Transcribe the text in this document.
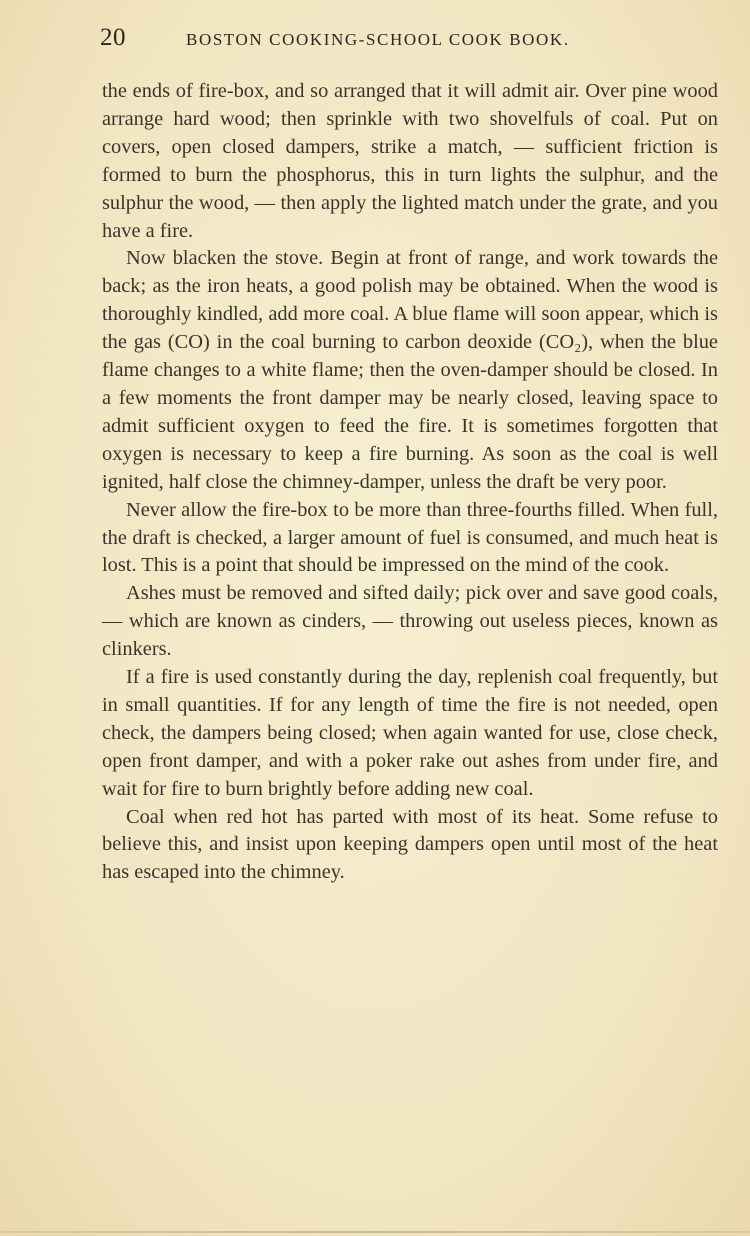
20	BOSTON COOKING-SCHOOL COOK BOOK.

the ends of fire-box, and so arranged that it will admit air. Over pine wood arrange hard wood; then sprinkle with two shovelfuls of coal. Put on covers, open closed dampers, strike a match, — sufficient friction is formed to burn the phosphorus, this in turn lights the sulphur, and the sulphur the wood, — then apply the lighted match under the grate, and you have a fire.

Now blacken the stove. Begin at front of range, and work towards the back; as the iron heats, a good polish may be obtained. When the wood is thoroughly kindled, add more coal. A blue flame will soon appear, which is the gas (CO) in the coal burning to carbon deoxide (CO₂), when the blue flame changes to a white flame; then the oven-damper should be closed. In a few moments the front damper may be nearly closed, leaving space to admit sufficient oxygen to feed the fire. It is sometimes forgotten that oxygen is necessary to keep a fire burning. As soon as the coal is well ignited, half close the chimney-damper, unless the draft be very poor.

Never allow the fire-box to be more than three-fourths filled. When full, the draft is checked, a larger amount of fuel is consumed, and much heat is lost. This is a point that should be impressed on the mind of the cook.

Ashes must be removed and sifted daily; pick over and save good coals, — which are known as cinders, — throwing out useless pieces, known as clinkers.

If a fire is used constantly during the day, replenish coal frequently, but in small quantities. If for any length of time the fire is not needed, open check, the dampers being closed; when again wanted for use, close check, open front damper, and with a poker rake out ashes from under fire, and wait for fire to burn brightly before adding new coal.

Coal when red hot has parted with most of its heat. Some refuse to believe this, and insist upon keeping dampers open until most of the heat has escaped into the chimney.
